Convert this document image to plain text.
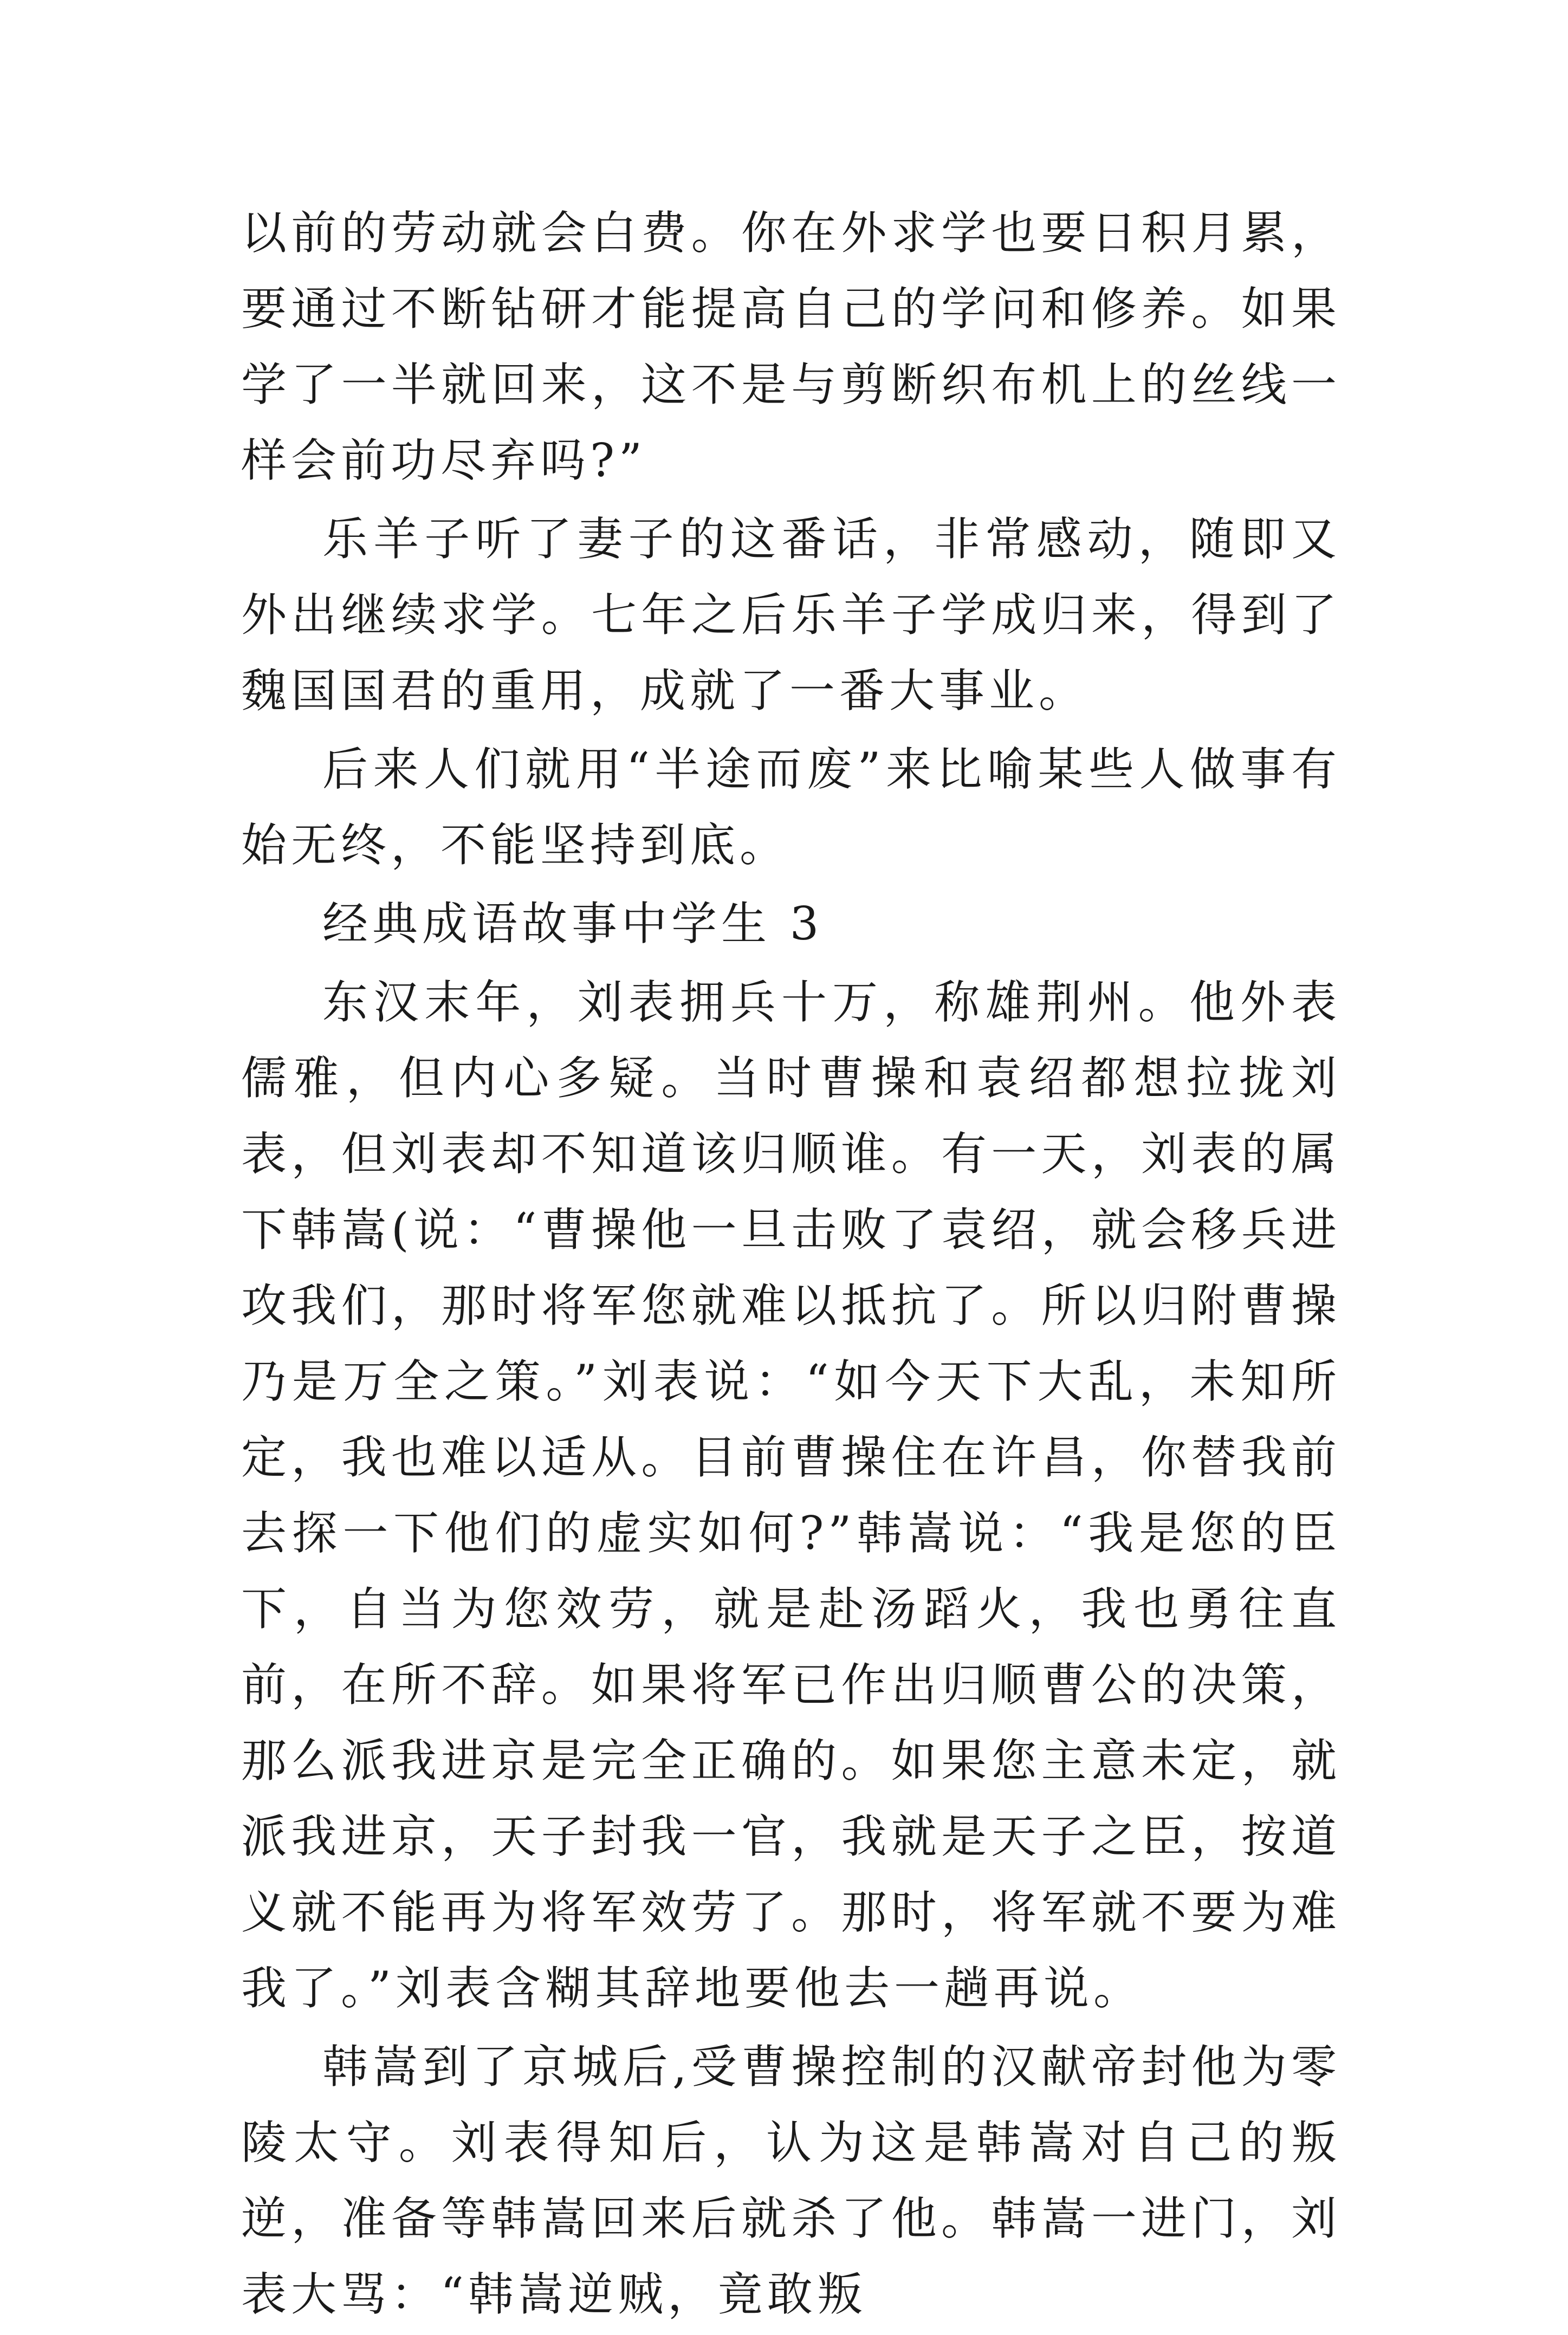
以前的劳动就会白费。你在外求学也要日积月累，要通过不断钻研才能提高自己的学问和修养。如果学了一半就回来，这不是与剪断织布机上的丝线一样会前功尽弃吗?”

乐羊子听了妻子的这番话，非常感动，随即又外出继续求学。七年之后乐羊子学成归来，得到了魏国国君的重用，成就了一番大事业。

后来人们就用“半途而废”来比喻某些人做事有始无终，不能坚持到底。

经典成语故事中学生 3

东汉末年，刘表拥兵十万，称雄荆州。他外表儒雅，但内心多疑。当时曹操和袁绍都想拉拢刘表，但刘表却不知道该归顺谁。有一天，刘表的属下韩嵩(说：“曹操他一旦击败了袁绍，就会移兵进攻我们，那时将军您就难以抵抗了。所以归附曹操乃是万全之策。”刘表说：“如今天下大乱，未知所定，我也难以适从。目前曹操住在许昌，你替我前去探一下他们的虚实如何?”韩嵩说：“我是您的臣下，自当为您效劳，就是赴汤蹈火，我也勇往直前，在所不辞。如果将军已作出归顺曹公的决策，那么派我进京是完全正确的。如果您主意未定，就派我进京，天子封我一官，我就是天子之臣，按道义就不能再为将军效劳了。那时，将军就不要为难我了。”刘表含糊其辞地要他去一趟再说。

韩嵩到了京城后,受曹操控制的汉献帝封他为零陵太守。刘表得知后，认为这是韩嵩对自己的叛逆，准备等韩嵩回来后就杀了他。韩嵩一进门，刘表大骂：“韩嵩逆贼，竟敢叛
